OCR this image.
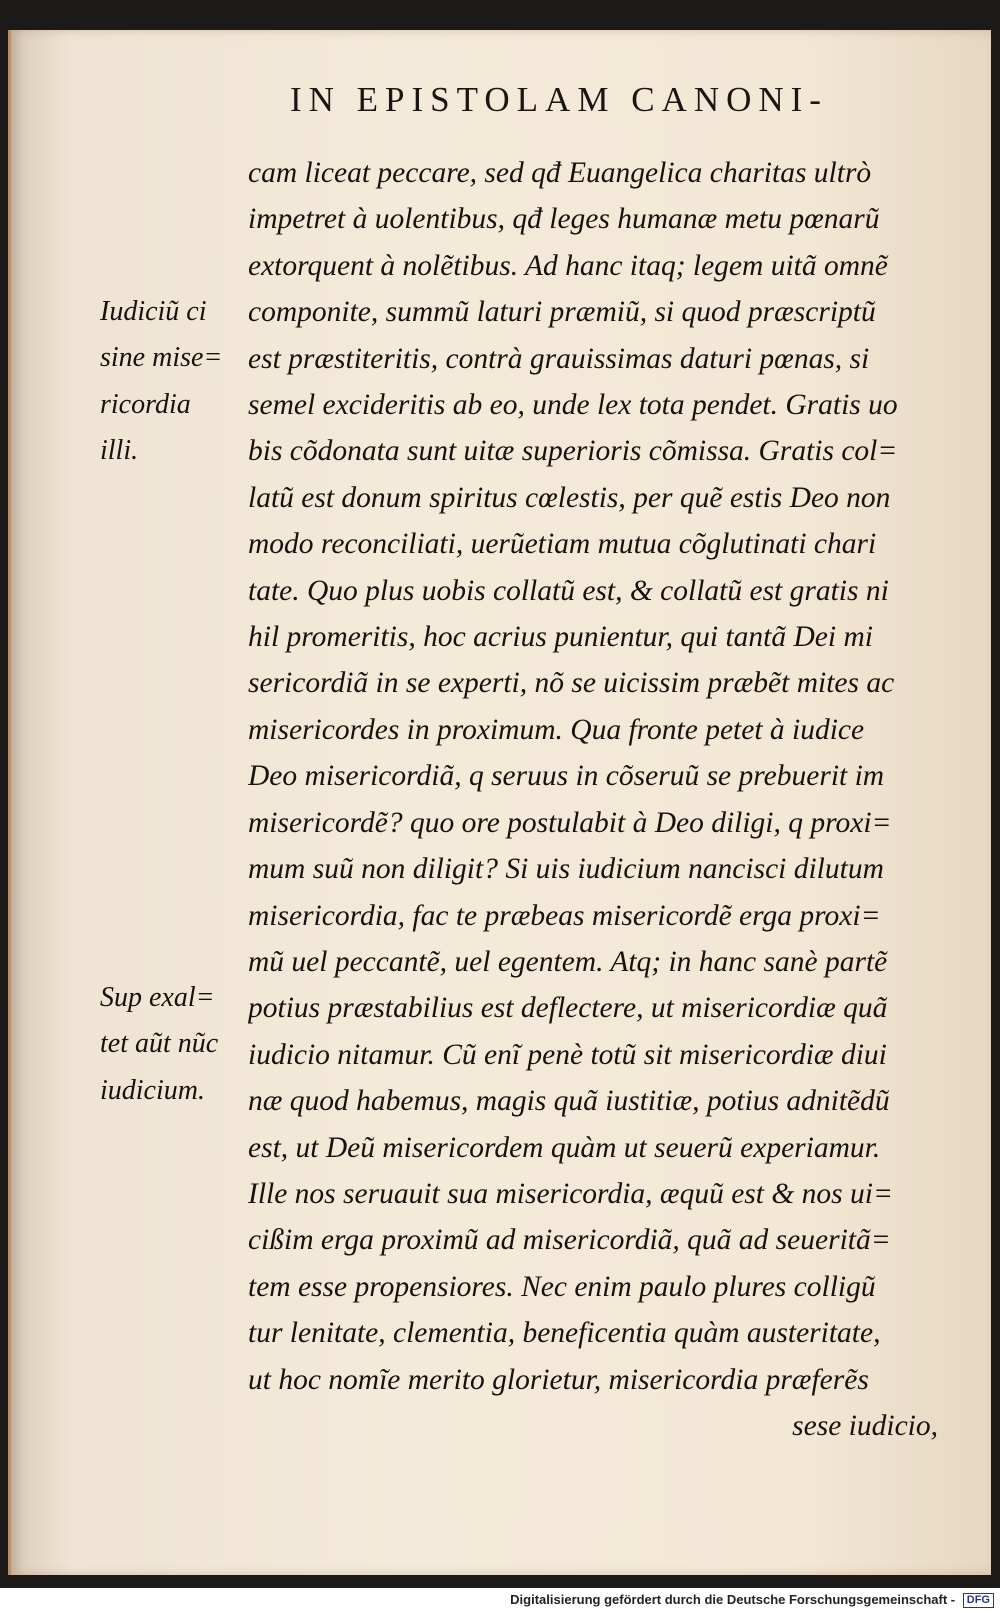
IN EPISTOLAM CANONI-
Iudiciũ ci
sine mise=
ricordia
illi.
Sup exal=
tet aũt nũc
iudicium.
cam liceat peccare, sed qđ Euangelica charitas ultrò
impetret à uolentibus, qđ leges humanæ metu pœnarũ
extorquent à nolẽtibus. Ad hanc itaq; legem uitã omnẽ
componite, summũ laturi præmiũ, si quod præscriptũ
est præstiteritis, contrà grauissimas daturi pœnas, si
semel excideritis ab eo, unde lex tota pendet. Gratis uo
bis cõdonata sunt uitæ superioris cõmissa. Gratis col=
latũ est donum spiritus cœlestis, per quẽ estis Deo non
modo reconciliati, uerũetiam mutua cõglutinati chari
tate. Quo plus uobis collatũ est, & collatũ est gratis ni
hil promeritis, hoc acrius punientur, qui tantã Dei mi
sericordiã in se experti, nõ se uicissim præbẽt mites ac
misericordes in proximum. Qua fronte petet à iudice
Deo misericordiã, q seruus in cõseruũ se prebuerit im
misericordẽ? quo ore postulabit à Deo diligi, q proxi=
mum suũ non diligit? Si uis iudicium nancisci dilutum
misericordia, fac te præbeas misericordẽ erga proxi=
mũ uel peccantẽ, uel egentem. Atq; in hanc sanè partẽ
potius præstabilius est deflectere, ut misericordiæ quã
iudicio nitamur. Cũ enĩ penè totũ sit misericordiæ diui
næ quod habemus, magis quã iustitiæ, potius adnitẽdũ
est, ut Deũ misericordem quàm ut seuerũ experiamur.
Ille nos seruauit sua misericordia, æquũ est & nos ui=
cißim erga proximũ ad misericordiã, quã ad seueritã=
tem esse propensiores. Nec enim paulo plures colligũ
tur lenitate, clementia, beneficentia quàm austeritate,
ut hoc nomĩe merito glorietur, misericordia præferẽs
sese iudicio,
Digitalisierung gefördert durch die Deutsche Forschungsgemeinschaft - DFG
